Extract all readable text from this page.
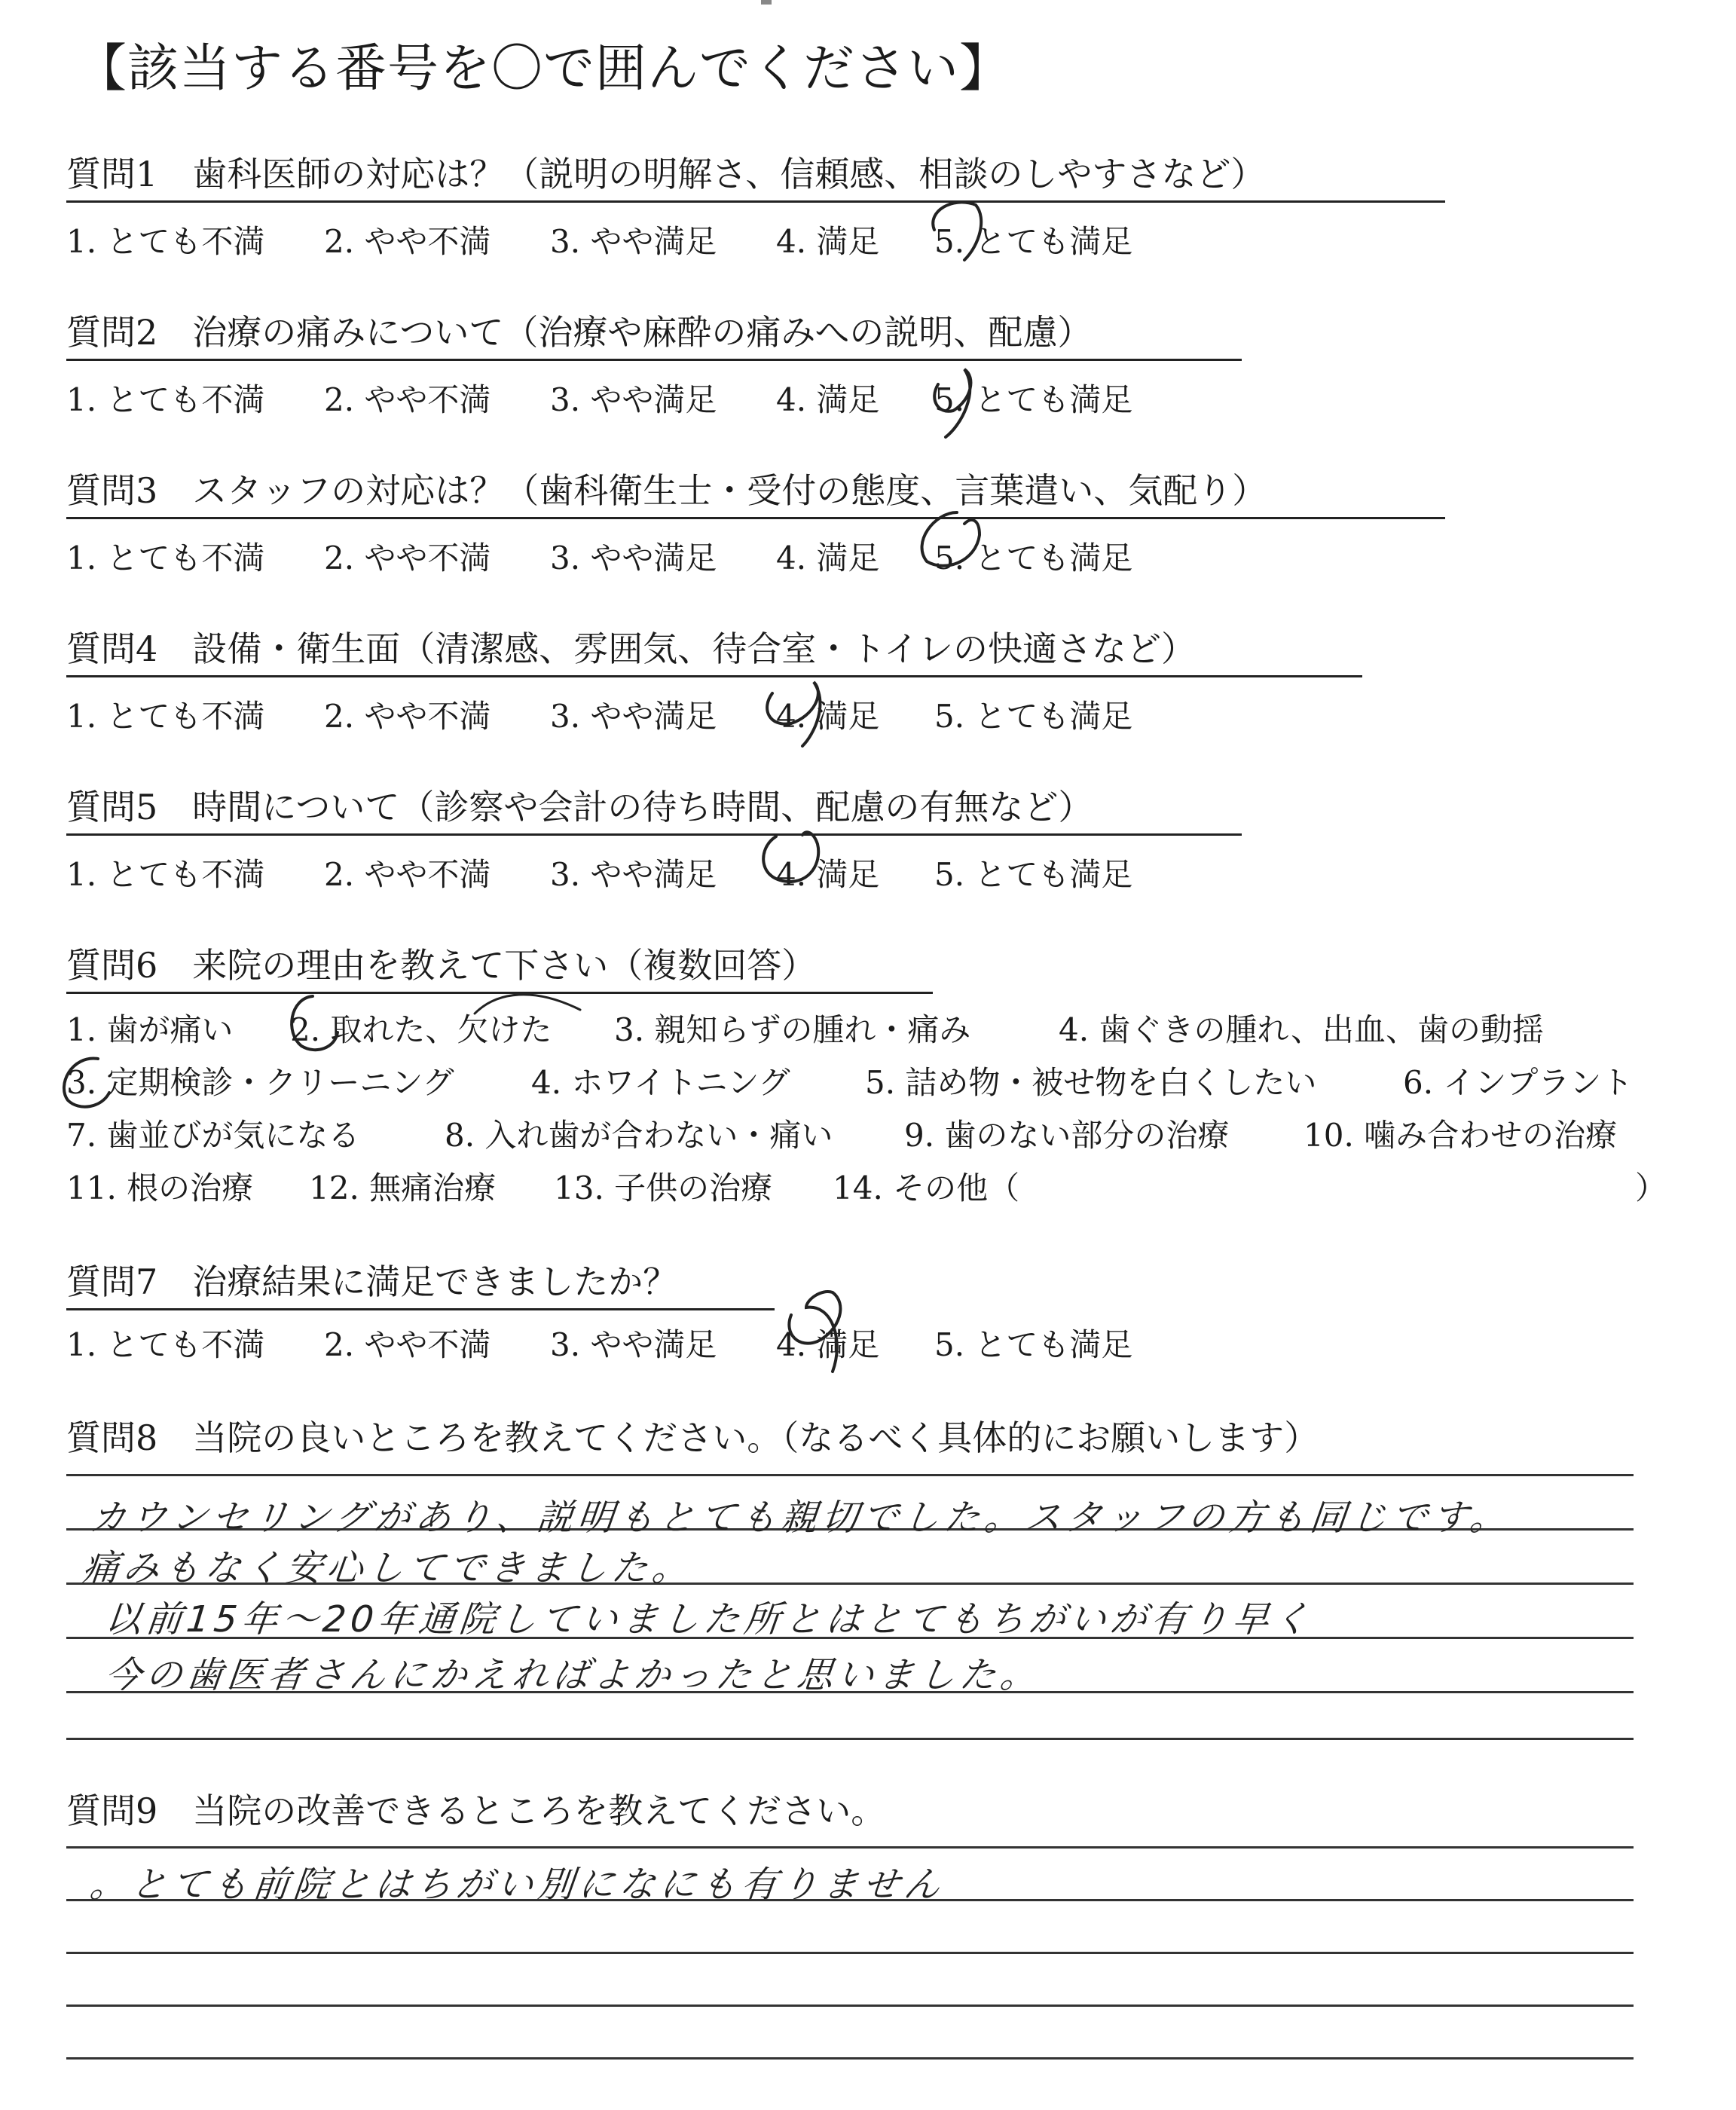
【該当する番号を〇で囲んでください】
質問1　歯科医師の対応は？（説明の明解さ、信頼感、相談のしやすさなど）
1. とても不満 2. やや不満 3. やや満足 4. 満足 5. とても満足
質問2　治療の痛みについて（治療や麻酔の痛みへの説明、配慮）
1. とても不満 2. やや不満 3. やや満足 4. 満足 5. とても満足
質問3　スタッフの対応は？（歯科衛生士・受付の態度、言葉遣い、気配り）
1. とても不満 2. やや不満 3. やや満足 4. 満足 5. とても満足
質問4　設備・衛生面（清潔感、雰囲気、待合室・トイレの快適さなど）
1. とても不満 2. やや不満 3. やや満足 4. 満足 5. とても満足
質問5　時間について（診察や会計の待ち時間、配慮の有無など）
1. とても不満 2. やや不満 3. やや満足 4. 満足 5. とても満足
質問6　来院の理由を教えて下さい（複数回答）
1. 歯が痛い 2. 取れた、欠けた 3. 親知らずの腫れ・痛み	4. 歯ぐきの腫れ、出血、歯の動揺
3. 定期検診・クリーニング 4. ホワイトニング 5. 詰め物・被せ物を白くしたい	6. インプラント
7. 歯並びが気になる	8. 入れ歯が合わない・痛い 9. 歯のない部分の治療 10. 噛み合わせの治療
11. 根の治療 12. 無痛治療 13. 子供の治療 14. その他（	）
質問7　治療結果に満足できましたか？
1. とても不満 2. やや不満 3. やや満足 4. 満足 5. とても満足
質問8　当院の良いところを教えてください。（なるべく具体的にお願いします）
カウンセリングがあり、説明もとても親切でした。スタッフの方も同じです。
痛みもなく安心してできました。
以前15年〜20年通院していました所とはとてもちがいが有り早く
今の歯医者さんにかえればよかったと思いました。
質問9　当院の改善できるところを教えてください。
。とても前院とはちがい別になにも有りません
